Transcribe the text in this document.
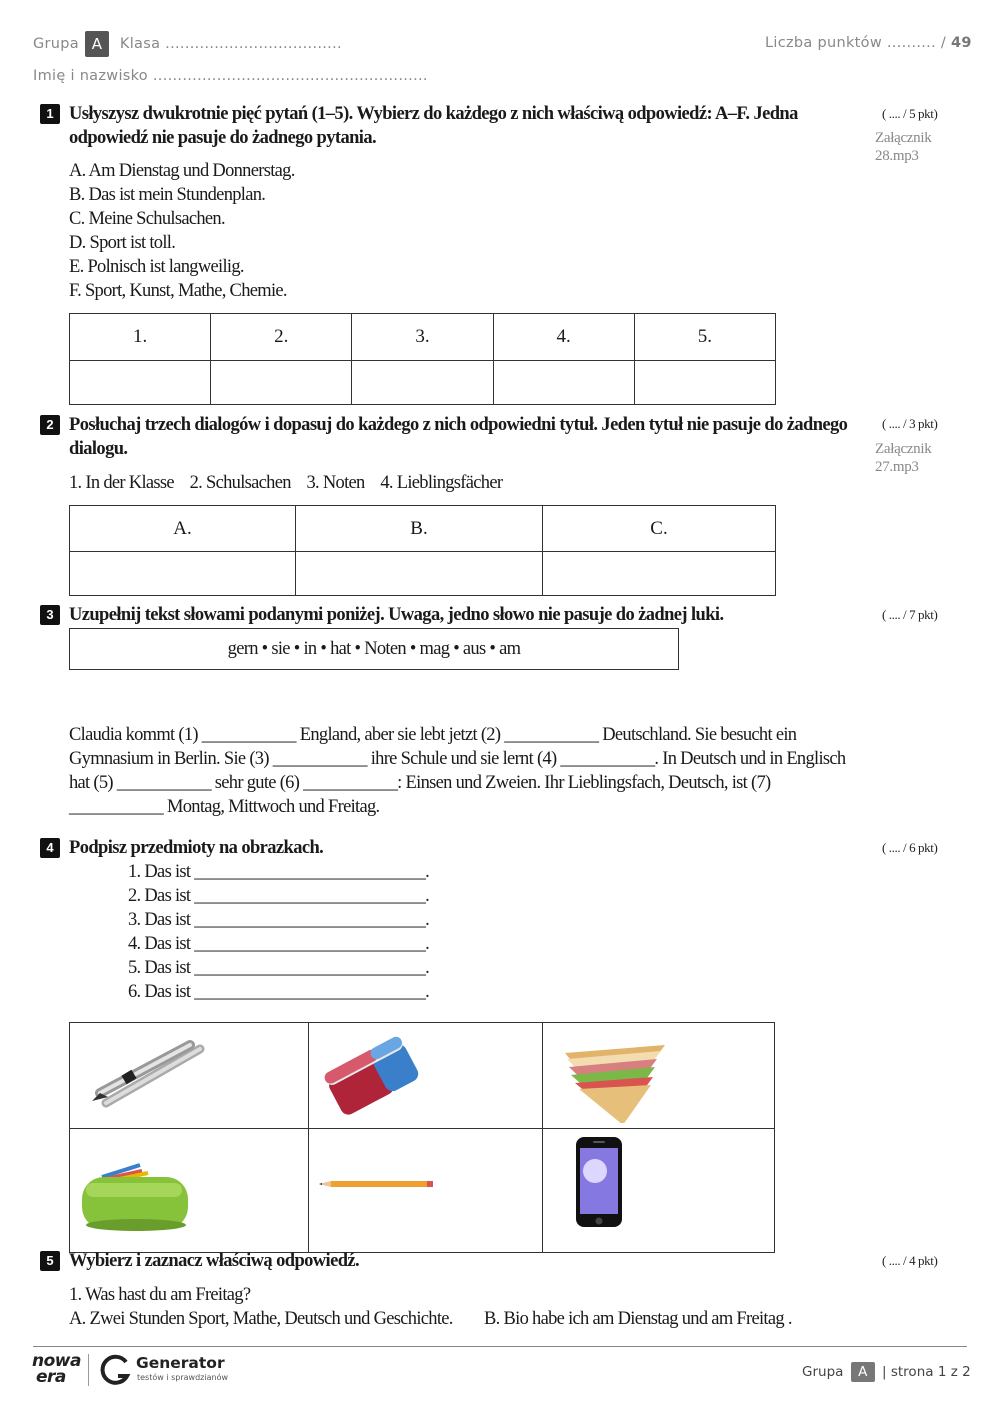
Grupa A Klasa ....................................	Liczba punktów .......... / 49
Imię i nazwisko ........................................................
1 Usłyszysz dwukrotnie pięć pytań (1–5). Wybierz do każdego z nich właściwą odpowiedź: A–F. Jedna
odpowiedź nie pasuje do żadnego pytania.
( .... / 5 pkt)
Załącznik
28.mp3
A. Am Dienstag und Donnerstag.
B. Das ist mein Stundenplan.
C. Meine Schulsachen.
D. Sport ist toll.
E. Polnisch ist langweilig.
F. Sport, Kunst, Mathe, Chemie.
1.	2.	3.	4.	5.

2 Posłuchaj trzech dialogów i dopasuj do każdego z nich odpowiedni tytuł. Jeden tytuł nie pasuje do żadnego
dialogu.
( .... / 3 pkt)
Załącznik
27.mp3
1. In der Klasse 2. Schulsachen 3. Noten 4. Lieblingsfächer
A.	B.	C.

3 Uzupełnij tekst słowami podanymi poniżej. Uwaga, jedno słowo nie pasuje do żadnej luki.	( .... / 7 pkt)
gern • sie • in • hat • Noten • mag • aus • am
Claudia kommt (1) ___________ England, aber sie lebt jetzt (2) ___________ Deutschland. Sie besucht ein
Gymnasium in Berlin. Sie (3) ___________ ihre Schule und sie lernt (4) ___________. In Deutsch und in Englisch
hat (5) ___________ sehr gute (6) ___________: Einsen und Zweien. Ihr Lieblingsfach, Deutsch, ist (7)
___________ Montag, Mittwoch und Freitag.
4 Podpisz przedmioty na obrazkach.	( .... / 6 pkt)
1. Das ist ___________________________.
2. Das ist ___________________________.
3. Das ist ___________________________.
4. Das ist ___________________________.
5. Das ist ___________________________.
6. Das ist ___________________________.

5 Wybierz i zaznacz właściwą odpowiedź.	( .... / 4 pkt)
1. Was hast du am Freitag?
A. Zwei Stunden Sport, Mathe, Deutsch und Geschichte. B. Bio habe ich am Dienstag und am Freitag .
nowa
era
Generator
testów i sprawdzianów	Grupa A | strona 1 z 2
